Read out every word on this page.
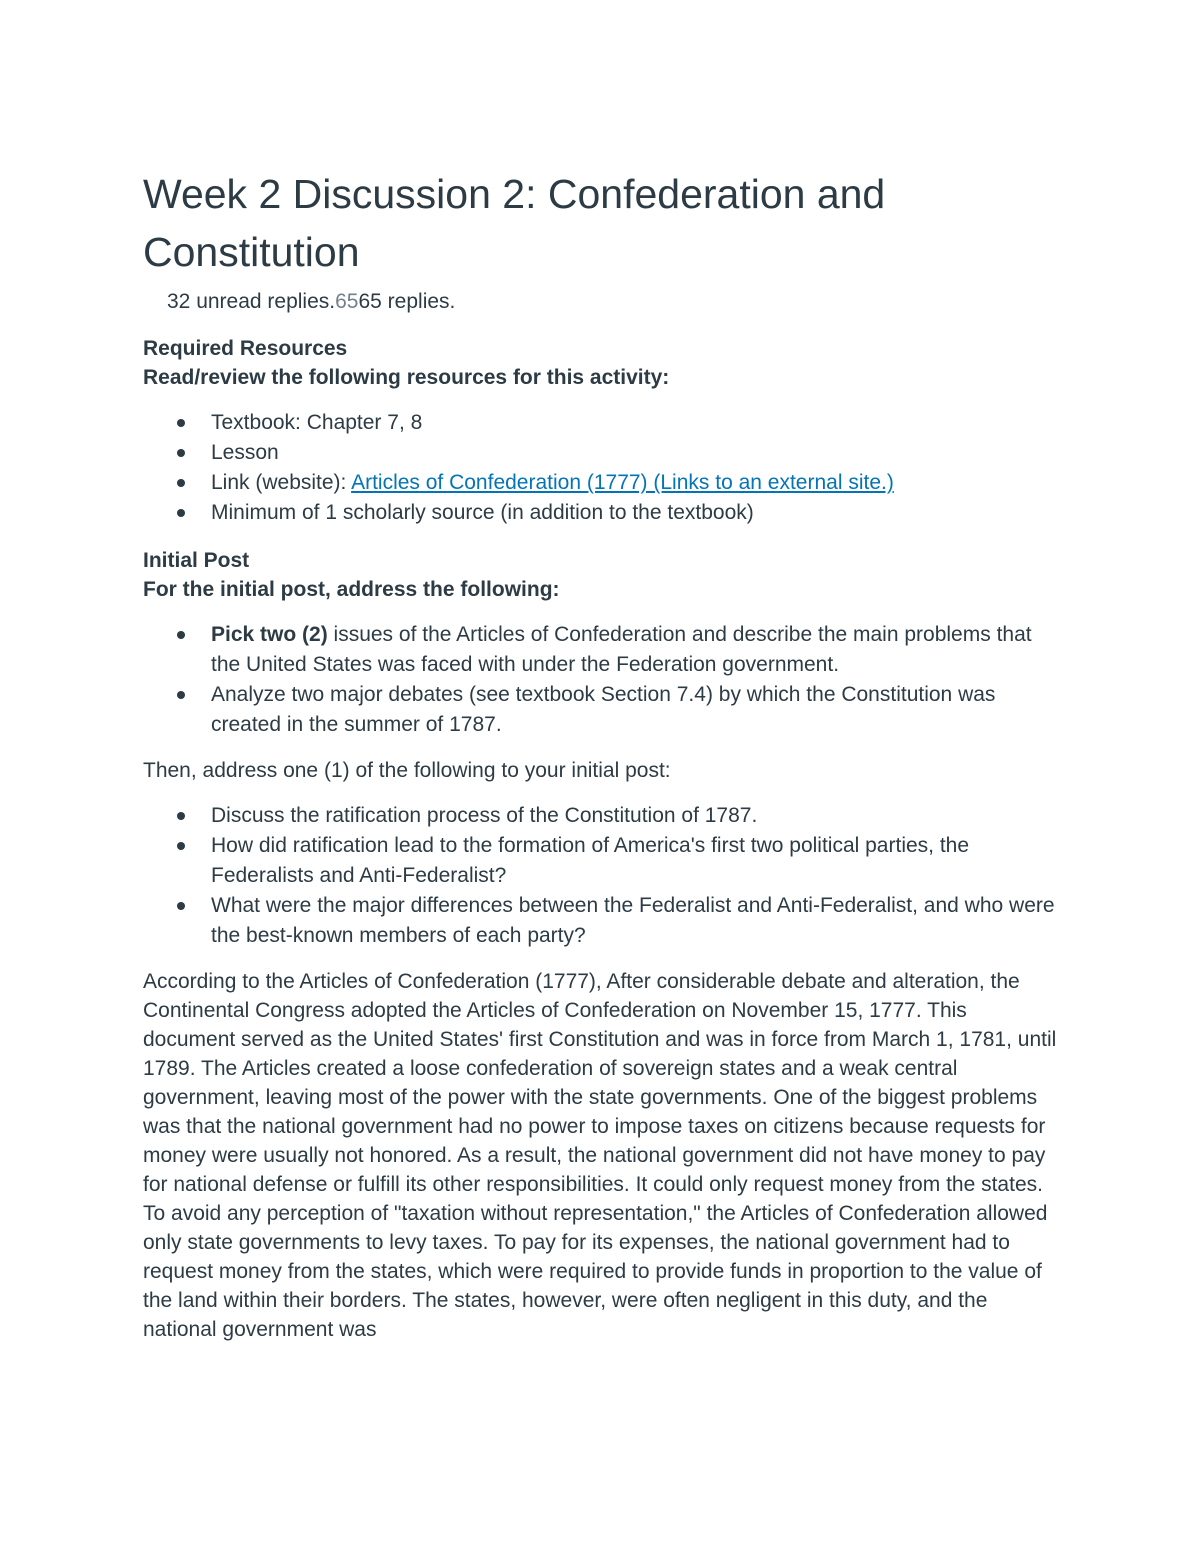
Week 2 Discussion 2: Confederation and Constitution
32 unread replies.6565 replies.
Required Resources
Read/review the following resources for this activity:
Textbook: Chapter 7, 8
Lesson
Link (website): Articles of Confederation (1777) (Links to an external site.)
Minimum of 1 scholarly source (in addition to the textbook)
Initial Post
For the initial post, address the following:
Pick two (2) issues of the Articles of Confederation and describe the main problems that the United States was faced with under the Federation government.
Analyze two major debates (see textbook Section 7.4) by which the Constitution was created in the summer of 1787.

Then, address one (1) of the following to your initial post:

Discuss the ratification process of the Constitution of 1787.
How did ratification lead to the formation of America's first two political parties, the Federalists and Anti-Federalist?
What were the major differences between the Federalist and Anti-Federalist, and who were the best-known members of each party?

According to the Articles of Confederation (1777), After considerable debate and alteration, the Continental Congress adopted the Articles of Confederation on November 15, 1777. This document served as the United States' first Constitution and was in force from March 1, 1781, until 1789. The Articles created a loose confederation of sovereign states and a weak central government, leaving most of the power with the state governments. One of the biggest problems was that the national government had no power to impose taxes on citizens because requests for money were usually not honored. As a result, the national government did not have money to pay for national defense or fulfill its other responsibilities. It could only request money from the states. To avoid any perception of "taxation without representation," the Articles of Confederation allowed only state governments to levy taxes. To pay for its expenses, the national government had to request money from the states, which were required to provide funds in proportion to the value of the land within their borders. The states, however, were often negligent in this duty, and the national government was
